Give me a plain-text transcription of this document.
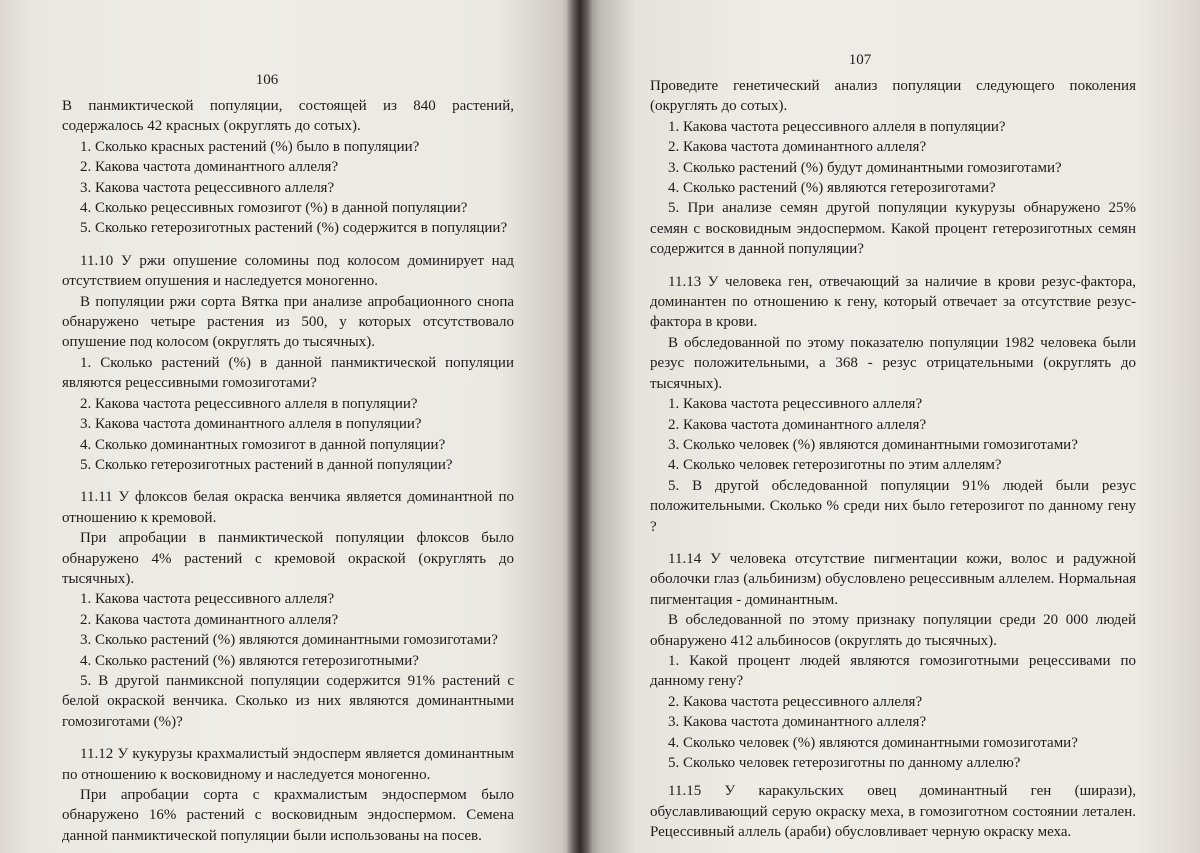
106

В панмиктической популяции, состоящей из 840 растений, содержалось 42 красных (округлять до сотых).

1. Сколько красных растений (%) было в популяции?

2. Какова частота доминантного аллеля?

3. Какова частота рецессивного аллеля?

4. Сколько рецессивных гомозигот (%) в данной популяции?

5. Сколько гетерозиготных растений (%) содержится в популяции?

11.10 У ржи опушение соломины под колосом доминирует над отсутствием опушения и наследуется моногенно.

В популяции ржи сорта Вятка при анализе апробационного снопа обнаружено четыре растения из 500, у которых отсутствовало опушение под колосом (округлять до тысячных).

1. Сколько растений (%) в данной панмиктической популяции являются рецессивными гомозиготами?

2. Какова частота рецессивного аллеля в популяции?

3. Какова частота доминантного аллеля в популяции?

4. Сколько доминантных гомозигот в данной популяции?

5. Сколько гетерозиготных растений в данной популяции?

11.11 У флоксов белая окраска венчика является доминантной по отношению к кремовой.

При апробации в панмиктической популяции флоксов было обнаружено 4% растений с кремовой окраской (округлять до тысячных).

1. Какова частота рецессивного аллеля?

2. Какова частота доминантного аллеля?

3. Сколько растений (%) являются доминантными гомозиготами?

4. Сколько растений (%) являются гетерозиготными?

5. В другой панмиксной популяции содержится 91% растений с белой окраской венчика. Сколько из них являются доминантными гомозиготами (%)?

11.12 У кукурузы крахмалистый эндосперм является доминантным по отношению к восковидному и наследуется моногенно.

При апробации сорта с крахмалистым эндоспермом было обнаружено 16% растений с восковидным эндоспермом. Семена данной панмиктической популяции были использованы на посев.

107

Проведите генетический анализ популяции следующего поколения (округлять до сотых).

1. Какова частота рецессивного аллеля в популяции?

2. Какова частота доминантного аллеля?

3. Сколько растений (%) будут доминантными гомозиготами?

4. Сколько растений (%) являются гетерозиготами?

5. При анализе семян другой популяции кукурузы обнаружено 25% семян с восковидным эндоспермом. Какой процент гетерозиготных семян содержится в данной популяции?

11.13 У человека ген, отвечающий за наличие в крови резус-фактора, доминантен по отношению к гену, который отвечает за отсутствие резус-фактора в крови.

В обследованной по этому показателю популяции 1982 человека были резус положительными, а 368 - резус отрицательными (округлять до тысячных).

1. Какова частота рецессивного аллеля?

2. Какова частота доминантного аллеля?

3. Сколько человек (%) являются доминантными гомозиготами?

4. Сколько человек гетерозиготны по этим аллелям?

5. В другой обследованной популяции 91% людей были резус положительными. Сколько % среди них было гетерозигот по данному гену ?

11.14 У человека отсутствие пигментации кожи, волос и радужной оболочки глаз (альбинизм) обусловлено рецессивным аллелем. Нормальная пигментация - доминантным.

В обследованной по этому признаку популяции среди 20 000 людей обнаружено 412 альбиносов (округлять до тысячных).

1. Какой процент людей являются гомозиготными рецессивами по данному гену?

2. Какова частота рецессивного аллеля?

3. Какова частота доминантного аллеля?

4. Сколько человек (%) являются доминантными гомозиготами?

5. Сколько человек гетерозиготны по данному аллелю?

11.15 У каракульских овец доминантный ген (ширази), обуславливающий серую окраску меха, в гомозиготном состоянии летален. Рецессивный аллель (араби) обусловливает черную окраску меха.
